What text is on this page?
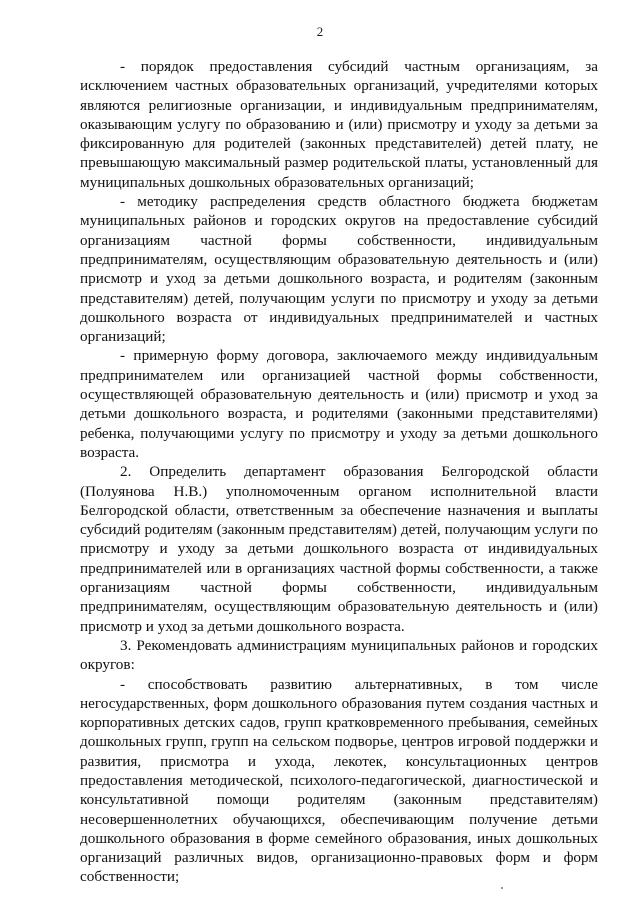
2

- порядок предоставления субсидий частным организациям, за исключением частных образовательных организаций, учредителями которых являются религиозные организации, и индивидуальным предпринимателям, оказывающим услугу по образованию и (или) присмотру и уходу за детьми за фиксированную для родителей (законных представителей) детей плату, не превышающую максимальный размер родительской платы, установленный для муниципальных дошкольных образовательных организаций;

- методику распределения средств областного бюджета бюджетам муниципальных районов и городских округов на предоставление субсидий организациям частной формы собственности, индивидуальным предпринимателям, осуществляющим образовательную деятельность и (или) присмотр и уход за детьми дошкольного возраста, и родителям (законным представителям) детей, получающим услуги по присмотру и уходу за детьми дошкольного возраста от индивидуальных предпринимателей и частных организаций;

- примерную форму договора, заключаемого между индивидуальным предпринимателем или организацией частной формы собственности, осуществляющей образовательную деятельность и (или) присмотр и уход за детьми дошкольного возраста, и родителями (законными представителями) ребенка, получающими услугу по присмотру и уходу за детьми дошкольного возраста.

2. Определить департамент образования Белгородской области (Полуянова Н.В.) уполномоченным органом исполнительной власти Белгородской области, ответственным за обеспечение назначения и выплаты субсидий родителям (законным представителям) детей, получающим услуги по присмотру и уходу за детьми дошкольного возраста от индивидуальных предпринимателей или в организациях частной формы собственности, а также организациям частной формы собственности, индивидуальным предпринимателям, осуществляющим образовательную деятельность и (или) присмотр и уход за детьми дошкольного возраста.

3. Рекомендовать администрациям муниципальных районов и городских округов:

- способствовать развитию альтернативных, в том числе негосударственных, форм дошкольного образования путем создания частных и корпоративных детских садов, групп кратковременного пребывания, семейных дошкольных групп, групп на сельском подворье, центров игровой поддержки и развития, присмотра и ухода, лекотек, консультационных центров предоставления методической, психолого-педагогической, диагностической и консультативной помощи родителям (законным представителям) несовершеннолетних обучающихся, обеспечивающим получение детьми дошкольного образования в форме семейного образования, иных дошкольных организаций различных видов, организационно-правовых форм и форм собственности;
